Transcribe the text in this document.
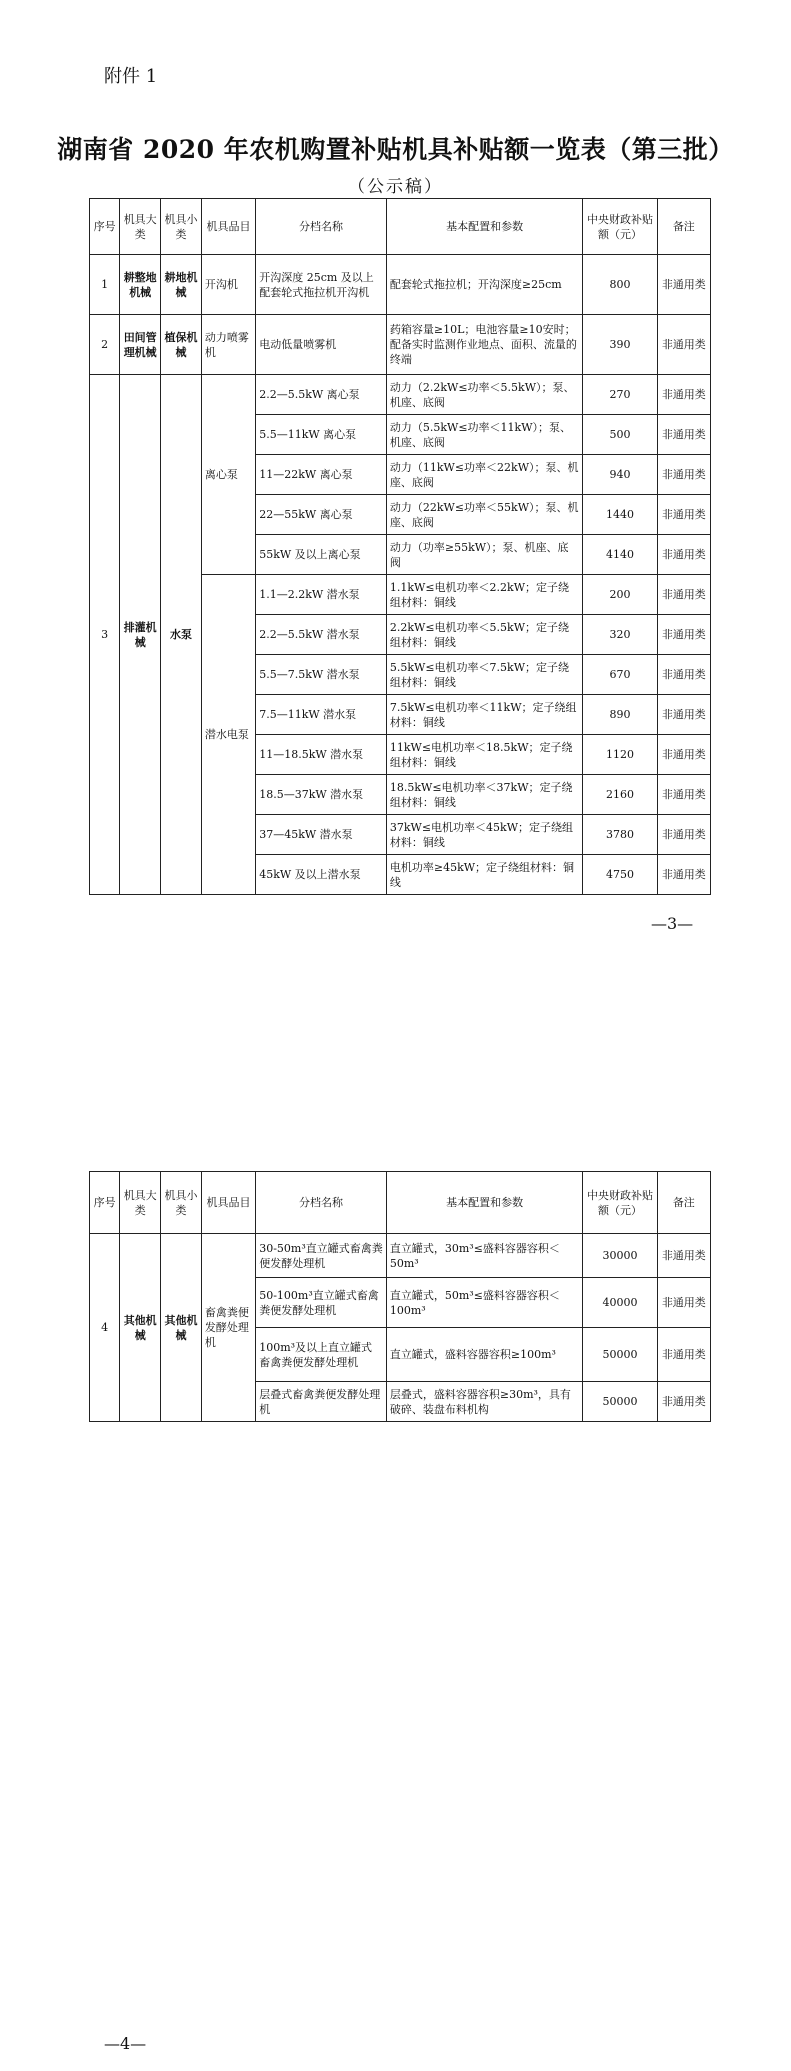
附件 1
湖南省 2020 年农机购置补贴机具补贴额一览表（第三批）
（公示稿）
序号	机具大类	机具小类	机具品目	分档名称	基本配置和参数	中央财政补贴额（元）	备注
1	耕整地机械	耕地机械	开沟机	开沟深度 25cm 及以上配套轮式拖拉机开沟机	配套轮式拖拉机；开沟深度≥25cm	800	非通用类
2	田间管理机械	植保机械	动力喷雾机	电动低量喷雾机	药箱容量≥10L；电池容量≥10安时；配备实时监测作业地点、面积、流量的终端	390	非通用类
3	排灌机械	水泵	离心泵	2.2—5.5kW 离心泵	动力（2.2kW≤功率＜5.5kW）；泵、机座、底阀	270	非通用类
				5.5—11kW 离心泵	动力（5.5kW≤功率＜11kW）；泵、机座、底阀	500	非通用类
				11—22kW 离心泵	动力（11kW≤功率＜22kW）；泵、机座、底阀	940	非通用类
				22—55kW 离心泵	动力（22kW≤功率＜55kW）；泵、机座、底阀	1440	非通用类
				55kW 及以上离心泵	动力（功率≥55kW）；泵、机座、底阀	4140	非通用类
			潜水电泵	1.1—2.2kW 潜水泵	1.1kW≤电机功率＜2.2kW；定子绕组材料：铜线	200	非通用类
				2.2—5.5kW 潜水泵	2.2kW≤电机功率＜5.5kW；定子绕组材料：铜线	320	非通用类
				5.5—7.5kW 潜水泵	5.5kW≤电机功率＜7.5kW；定子绕组材料：铜线	670	非通用类
				7.5—11kW 潜水泵	7.5kW≤电机功率＜11kW；定子绕组材料：铜线	890	非通用类
				11—18.5kW 潜水泵	11kW≤电机功率＜18.5kW；定子绕组材料：铜线	1120	非通用类
				18.5—37kW 潜水泵	18.5kW≤电机功率＜37kW；定子绕组材料：铜线	2160	非通用类
				37—45kW 潜水泵	37kW≤电机功率＜45kW；定子绕组材料：铜线	3780	非通用类
				45kW 及以上潜水泵	电机功率≥45kW；定子绕组材料：铜线	4750	非通用类
—3—
序号	机具大类	机具小类	机具品目	分档名称	基本配置和参数	中央财政补贴额（元）	备注
4	其他机械	其他机械	畜禽粪便发酵处理机	30-50m³直立罐式畜禽粪便发酵处理机	直立罐式，30m³≤盛料容器容积＜50m³	30000	非通用类
				50-100m³直立罐式畜禽粪便发酵处理机	直立罐式，50m³≤盛料容器容积＜100m³	40000	非通用类
				100m³及以上直立罐式畜禽粪便发酵处理机	直立罐式，盛料容器容积≥100m³	50000	非通用类
				层叠式畜禽粪便发酵处理机	层叠式，盛料容器容积≥30m³，具有破碎、装盘布料机构	50000	非通用类
—4—
